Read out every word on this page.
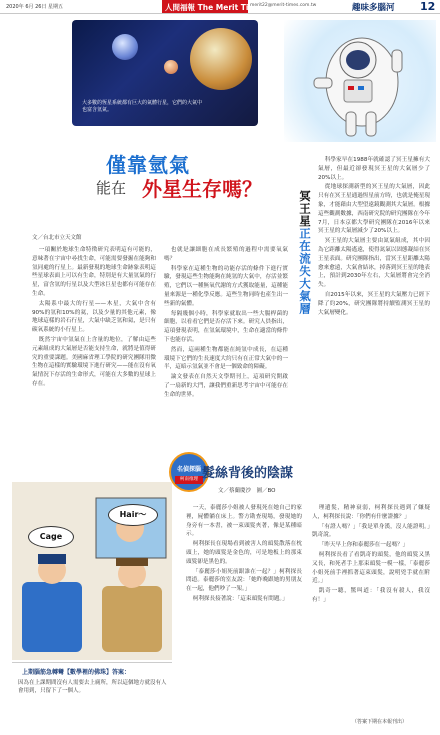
2020年 6月 26日 星期五	人間福報 The Merit Times
merit22@merit-times.com.tw	趣味多腦河 12
大多數的恆星系統都有巨大的氣體行星，它們的大氣中也富含氫氣。
僅靠氫氣
能在 外星生存嗎？
冥王星正在流失大氣層
文／台北市立天文館

一項關於地球生命特徵研究表明這有可能的，意味著在宇宙中尋找生命，可能需要發掘在能夠和氫同處的行星上。最新發現的地球生命跡象表明這些星球表面上可以有生命，特別是有大量氫氣的行星，富含氫的行星以及大型冰巨星也都有可能存在生命。

太陽系中最大的行星——木星，大氣中含有90%的氫和10%的氦，以及少量的其他元素，像地球這樣的岩石行星，大氣中缺乏氫和氦，是只有碳氧系統的小行星上。

既然宇宙中氫氣在上含量的地位，了解由這些元素組成的大氣層是否能支持生命，就將是值得研究的重要課題。美國麻省理工學院的研究團隊用微生物在這樣的實驗環境下進行研究——能在沒有氧氣情況下存活的生命形式，可能在大多數的星球上存在。

也就是讓細胞在成長繁殖的過程中需要氧氣嗎？

科學家在這種生物的功能存活的條件下進行實驗，發現這些生物能夠在純氫的大氣中，存活並繁殖，它們以一種無氧代謝的方式獲取能量，這種能量來源是一種化學反應。這些生物同時也產生出一些新的氣體。

每隔幾個小時，科學家就取出一些大腸桿菌的細胞，以看看它們是否存活下來。研究人員指出，這項發現表明，在氫氣環境中，生命在適當的條件下也能存活。

然而，這兩種生物都能在純氫中成長，在這種環境下它們的生長速度大約只有在正常大氣中的一半，這暗示氫氣並不會是一個致命的障礙。

論文發表在自然天文學期刊上，這項研究開啟了一扇新的大門，讓我們重新思考宇宙中可能存在生命的世界。

科學家早在1988年就確認了冥王星擁有大氣層，但最近卻發現冥王星的大氣層少了20%以上。

從地球探測新型的冥王星的大氣層，因此只有在冥王星通過恆星前方時，也就是掩星現象，才能藉由大型望遠鏡觀測其大氣層。根據這些觀測數據，西南研究院的研究團隊在今年7月，日本京都大學研究團隊在2016年以來冥王星的大氣層減少了20%以上。

冥王星的大氣層主要由氮氣組成，其中因為它距離太陽遙遠，使得氮氣以固態凝結在冥王星表面。研究團隊指出，當冥王星距離太陽愈來愈遠，大氣會結冰，掉落到冥王星的地表上，預計到2030年左右，大氣層將會完全消失。

自2015年以來，冥王星的大氣壓力已經下降了約20%，研究團隊將持續監測冥王星的大氣層變化。

名偵探腦
柯南推理 髮絲背後的陰謀
文／蔡蘭慶沙　圖／BO
Cage
Hair～

一天，泰麗莎小姐被人發現死在她自己的家裡，屍體躺在床上。警方勘查現場，發現她的身旁有一本書，被一束頭髮夾著，像是某種暗示。

柯利探長在現場看到被害人的頭髮散落在枕頭上，她的頭髮是金色的，可是地板上的那束頭髮卻是黑色的。

「泰麗莎小姐死前跟誰在一起？」柯利探長問道。泰麗莎的室友說：「她昨晚跟她的男朋友在一起，他們吵了一架。」

柯利探長接著說：「這束頭髮有問題。」

理遺髮，精神衰弱，柯利探長遇到了嫌疑人，柯利探長說：「你們有什麼證據？」

「有證人嗎？」「我是單身漢，沒人能證明。」凱奇說。

「昨天早上你和泰麗莎在一起嗎？」

柯利探長看了看凱奇的頭髮，他的頭髮又黑又長，和死者手上那束頭髮一模一樣，「泰麗莎小姐死前手裡抓著這束頭髮，說明兇手就在附近。」

凱奇一聽，驚叫道：「我沒有殺人，我沒有！」

上期腦筋急轉彎【數學裡的佛珠】答案：
因為在上課期間沒有人需要去上廁所，所以這個地方就沒有人會用到，只留下了一個人。
（答案下期在本報刊出）
